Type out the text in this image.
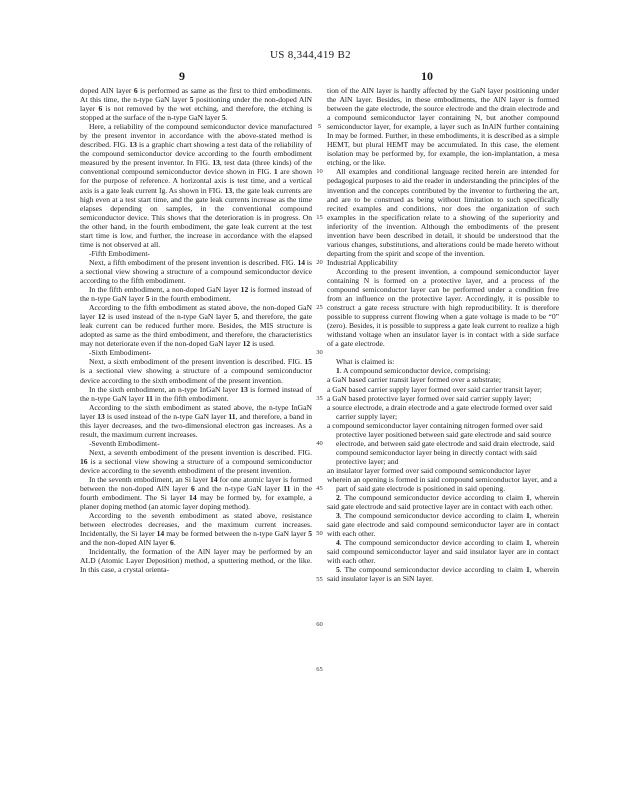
US 8,344,419 B2
9	10

doped AlN layer 6 is performed as same as the first to third embodiments. At this time, the n-type GaN layer 5 positioning under the non-doped AlN layer 6 is not removed by the wet etching, and therefore, the etching is stopped at the surface of the n-type GaN layer 5.

Here, a reliability of the compound semiconductor device manufactured by the present inventor in accordance with the above-stated method is described. FIG. 13 is a graphic chart showing a test data of the reliability of the compound semiconductor device according to the fourth embodiment measured by the present inventor. In FIG. 13, test data (three kinds) of the conventional compound semiconductor device shown in FIG. 1 are shown for the purpose of reference. A horizontal axis is test time, and a vertical axis is a gate leak current Ig. As shown in FIG. 13, the gate leak currents are high even at a test start time, and the gate leak currents increase as the time elapses depending on samples, in the conventional compound semiconductor device. This shows that the deterioration is in progress. On the other hand, in the fourth embodiment, the gate leak current at the test start time is low, and further, the increase in accordance with the elapsed time is not observed at all.

-Fifth Embodiment-

Next, a fifth embodiment of the present invention is described. FIG. 14 is a sectional view showing a structure of a compound semiconductor device according to the fifth embodiment.

In the fifth embodiment, a non-doped GaN layer 12 is formed instead of the n-type GaN layer 5 in the fourth embodiment.

According to the fifth embodiment as stated above, the non-doped GaN layer 12 is used instead of the n-type GaN layer 5, and therefore, the gate leak current can be reduced further more. Besides, the MIS structure is adopted as same as the third embodiment, and therefore, the characteristics may not deteriorate even if the non-doped GaN layer 12 is used.

-Sixth Embodiment-

Next, a sixth embodiment of the present invention is described. FIG. 15 is a sectional view showing a structure of a compound semiconductor device according to the sixth embodiment of the present invention.

In the sixth embodiment, an n-type InGaN layer 13 is formed instead of the n-type GaN layer 11 in the fifth embodiment.

According to the sixth embodiment as stated above, the n-type InGaN layer 13 is used instead of the n-type GaN layer 11, and therefore, a band in this layer decreases, and the two-dimensional electron gas increases. As a result, the maximum current increases.

-Seventh Embodiment-

Next, a seventh embodiment of the present invention is described. FIG. 16 is a sectional view showing a structure of a compound semiconductor device according to the seventh embodiment of the present invention.

In the seventh embodiment, an Si layer 14 for one atomic layer is formed between the non-doped AlN layer 6 and the n-type GaN layer 11 in the fourth embodiment. The Si layer 14 may be formed by, for example, a planer doping method (an atomic layer doping method).

According to the seventh embodiment as stated above, resistance between electrodes decreases, and the maximum current increases. Incidentally, the Si layer 14 may be formed between the n-type GaN layer 5 and the non-doped AlN layer 6.

Incidentally, the formation of the AlN layer may be performed by an ALD (Atomic Layer Deposition) method, a sputtering method, or the like. In this case, a crystal orienta-

5
10
15
20
25
30
35
40
45
50
55
60
65

tion of the AlN layer is hardly affected by the GaN layer positioning under the AlN layer. Besides, in these embodiments, the AlN layer is formed between the gate electrode, the source electrode and the drain electrode and a compound semiconductor layer containing N, but another compound semiconductor layer, for example, a layer such as InAlN further containing In may be formed. Further, in these embodiments, it is described as a simple HEMT, but plural HEMT may be accumulated. In this case, the element isolation may be performed by, for example, the ion-implantation, a mesa etching, or the like.

All examples and conditional language recited herein are intended for pedagogical purposes to aid the reader in understanding the principles of the invention and the concepts contributed by the inventor to furthering the art, and are to be construed as being without limitation to such specifically recited examples and conditions, nor does the organization of such examples in the specification relate to a showing of the superiority and inferiority of the invention. Although the embodiments of the present invention have been described in detail, it should be understood that the various changes, substitutions, and alterations could be made hereto without departing from the spirit and scope of the invention.

Industrial Applicability

According to the present invention, a compound semiconductor layer containing N is formed on a protective layer, and a process of the compound semiconductor layer can be performed under a condition free from an influence on the protective layer. Accordingly, it is possible to construct a gate recess structure with high reproducibility. It is therefore possible to suppress current flowing when a gate voltage is made to be “0” (zero). Besides, it is possible to suppress a gate leak current to realize a high withstand voltage when an insulator layer is in contact with a side surface of a gate electrode.

What is claimed is:

1. A compound semiconductor device, comprising:

a GaN based carrier transit layer formed over a substrate;

a GaN based carrier supply layer formed over said carrier transit layer;

a GaN based protective layer formed over said carrier supply layer;

a source electrode, a drain electrode and a gate electrode formed over said carrier supply layer;

a compound semiconductor layer containing nitrogen formed over said protective layer positioned between said gate electrode and said source electrode, and between said gate electrode and said drain electrode, said compound semiconductor layer being in directly contact with said protective layer; and

an insulator layer formed over said compound semiconductor layer

wherein an opening is formed in said compound semiconductor layer, and a part of said gate electrode is positioned in said opening.

2. The compound semiconductor device according to claim 1, wherein said gate electrode and said protective layer are in contact with each other.

3. The compound semiconductor device according to claim 1, wherein said gate electrode and said compound semiconductor layer are in contact with each other.

4. The compound semiconductor device according to claim 1, wherein said compound semiconductor layer and said insulator layer are in contact with each other.

5. The compound semiconductor device according to claim 1, wherein said insulator layer is an SiN layer.
